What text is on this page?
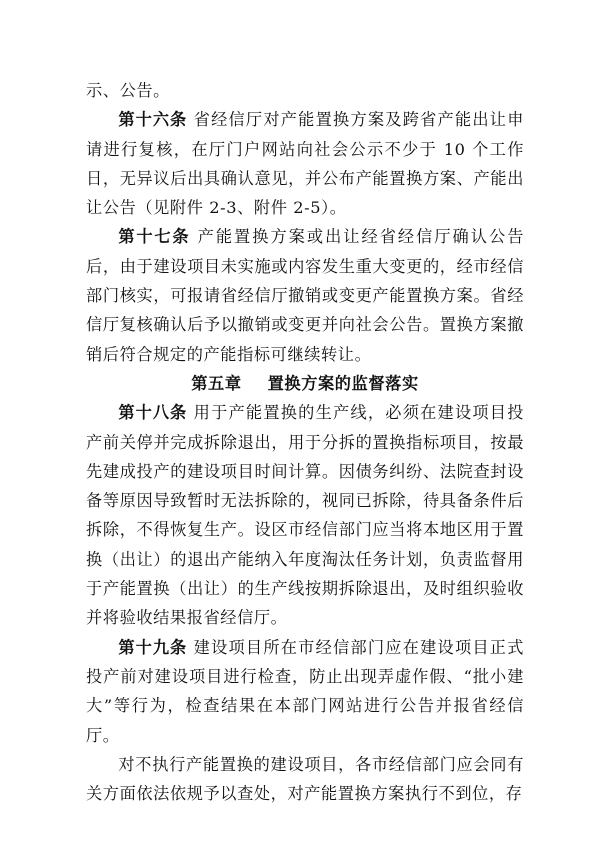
示、公告。

第十六条 省经信厅对产能置换方案及跨省产能出让申请进行复核，在厅门户网站向社会公示不少于 10 个工作日，无异议后出具确认意见，并公布产能置换方案、产能出让公告（见附件 2-3、附件 2-5）。

第十七条 产能置换方案或出让经省经信厅确认公告后，由于建设项目未实施或内容发生重大变更的，经市经信部门核实，可报请省经信厅撤销或变更产能置换方案。省经信厅复核确认后予以撤销或变更并向社会公告。置换方案撤销后符合规定的产能指标可继续转让。

第五章 置换方案的监督落实

第十八条 用于产能置换的生产线，必须在建设项目投产前关停并完成拆除退出，用于分拆的置换指标项目，按最先建成投产的建设项目时间计算。因债务纠纷、法院查封设备等原因导致暂时无法拆除的，视同已拆除，待具备条件后拆除，不得恢复生产。设区市经信部门应当将本地区用于置换（出让）的退出产能纳入年度淘汰任务计划，负责监督用于产能置换（出让）的生产线按期拆除退出，及时组织验收并将验收结果报省经信厅。

第十九条 建设项目所在市经信部门应在建设项目正式投产前对建设项目进行检查，防止出现弄虚作假、“批小建大”等行为，检查结果在本部门网站进行公告并报省经信厅。

对不执行产能置换的建设项目，各市经信部门应会同有关方面依法依规予以查处，对产能置换方案执行不到位，存
